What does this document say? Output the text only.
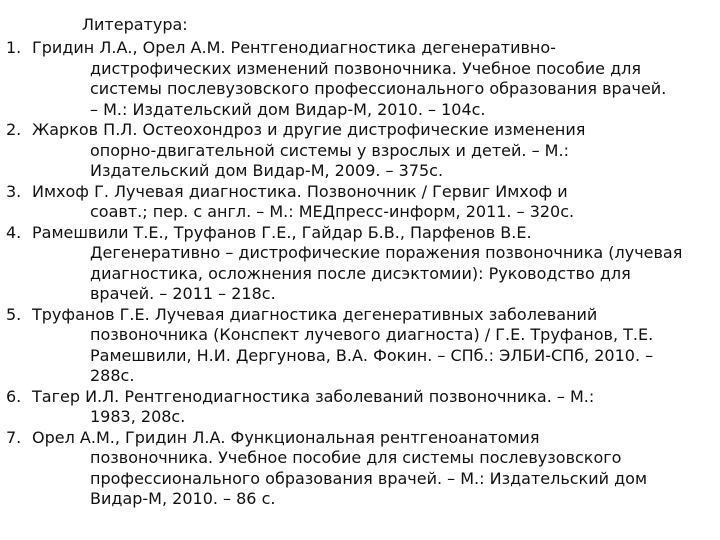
Литература:
1. Гридин Л.А., Орел А.М. Рентгенодиагностика дегенеративно-
дистрофических изменений позвоночника. Учебное пособие для
системы послевузовского профессионального образования врачей.
– М.: Издательский дом Видар-М, 2010. – 104с.
2. Жарков П.Л. Остеохондроз и другие дистрофические изменения
опорно-двигательной системы у взрослых и детей. – М.:
Издательский дом Видар-М, 2009. – 375с.
3. Имхоф Г. Лучевая диагностика. Позвоночник / Гервиг Имхоф и
соавт.; пер. с англ. – М.: МЕДпресс-информ, 2011. – 320с.
4. Рамешвили Т.Е., Труфанов Г.Е., Гайдар Б.В., Парфенов В.Е.
Дегенеративно – дистрофические поражения позвоночника (лучевая
диагностика, осложнения после дисэктомии): Руководство для
врачей. – 2011 – 218с.
5. Труфанов Г.Е. Лучевая диагностика дегенеративных заболеваний
позвоночника (Конспект лучевого диагноста) / Г.Е. Труфанов, Т.Е.
Рамешвили, Н.И. Дергунова, В.А. Фокин. – СПб.: ЭЛБИ-СПб, 2010. –
288с.
6. Тагер И.Л. Рентгенодиагностика заболеваний позвоночника. – М.:
1983, 208с.
7. Орел А.М., Гридин Л.А. Функциональная рентгеноанатомия
позвоночника. Учебное пособие для системы послевузовского
профессионального образования врачей. – М.: Издательский дом
Видар-М, 2010. – 86 с.
